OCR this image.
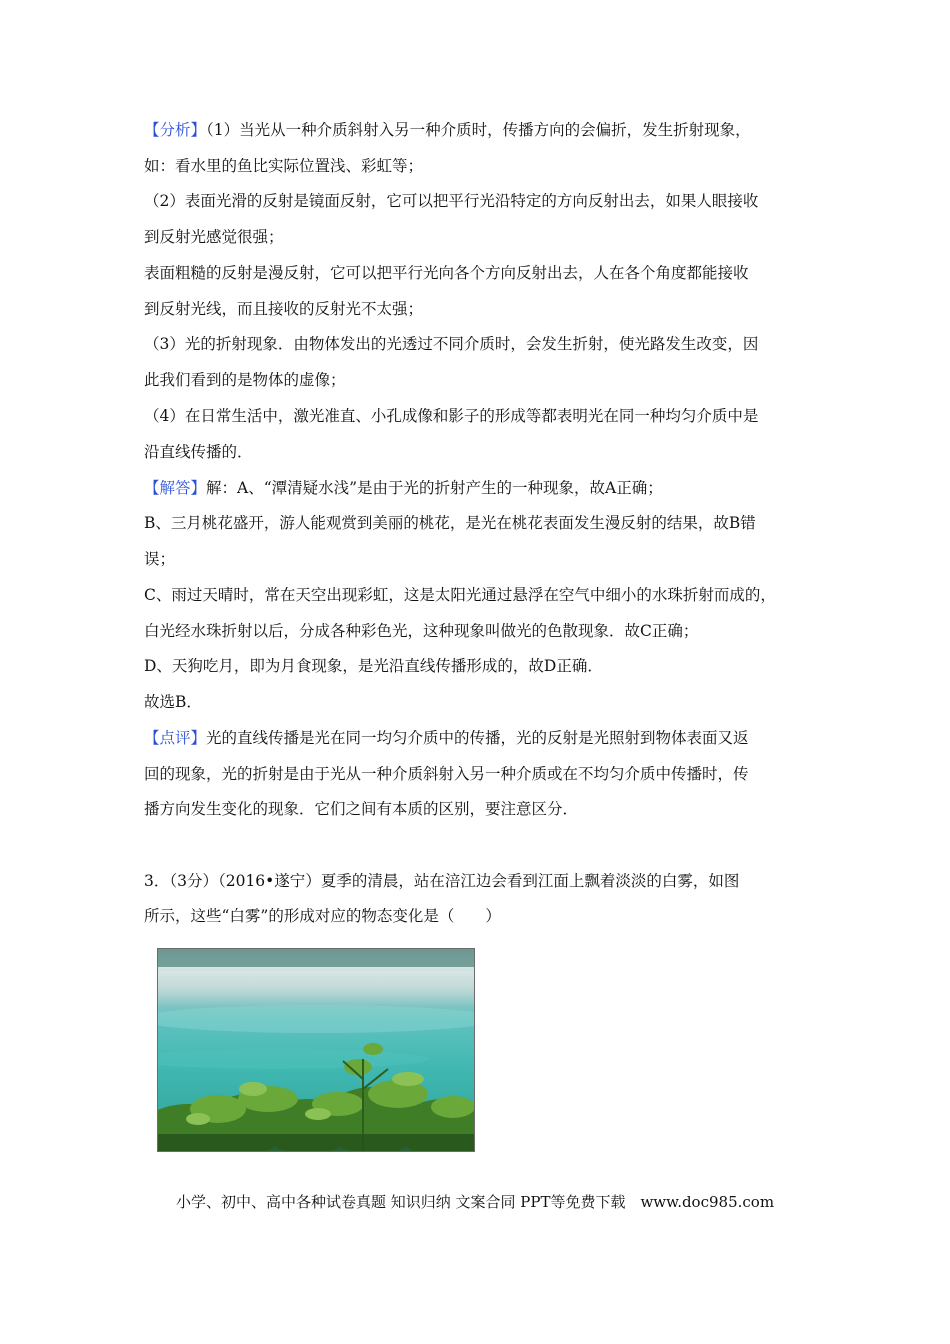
【分析】（1）当光从一种介质斜射入另一种介质时，传播方向的会偏折，发生折射现象，
如：看水里的鱼比实际位置浅、彩虹等；
（2）表面光滑的反射是镜面反射，它可以把平行光沿特定的方向反射出去，如果人眼接收
到反射光感觉很强；
表面粗糙的反射是漫反射，它可以把平行光向各个方向反射出去，人在各个角度都能接收
到反射光线，而且接收的反射光不太强；
（3）光的折射现象．由物体发出的光透过不同介质时，会发生折射，使光路发生改变，因
此我们看到的是物体的虚像；
（4）在日常生活中，激光准直、小孔成像和影子的形成等都表明光在同一种均匀介质中是
沿直线传播的．
【解答】解：A、“潭清疑水浅”是由于光的折射产生的一种现象，故A正确；
B、三月桃花盛开，游人能观赏到美丽的桃花，是光在桃花表面发生漫反射的结果，故B错
误；
C、雨过天晴时，常在天空出现彩虹，这是太阳光通过悬浮在空气中细小的水珠折射而成的，
白光经水珠折射以后，分成各种彩色光，这种现象叫做光的色散现象．故C正确；
D、天狗吃月，即为月食现象，是光沿直线传播形成的，故D正确．
故选B．
【点评】光的直线传播是光在同一均匀介质中的传播，光的反射是光照射到物体表面又返
回的现象，光的折射是由于光从一种介质斜射入另一种介质或在不均匀介质中传播时，传
播方向发生变化的现象．它们之间有本质的区别，要注意区分．
3．（3分）（2016•遂宁）夏季的清晨，站在涪江边会看到江面上飘着淡淡的白雾，如图
所示，这些“白雾”的形成对应的物态变化是（　　）
小学、初中、高中各种试卷真题 知识归纳 文案合同 PPT等免费下载　www.doc985.com
